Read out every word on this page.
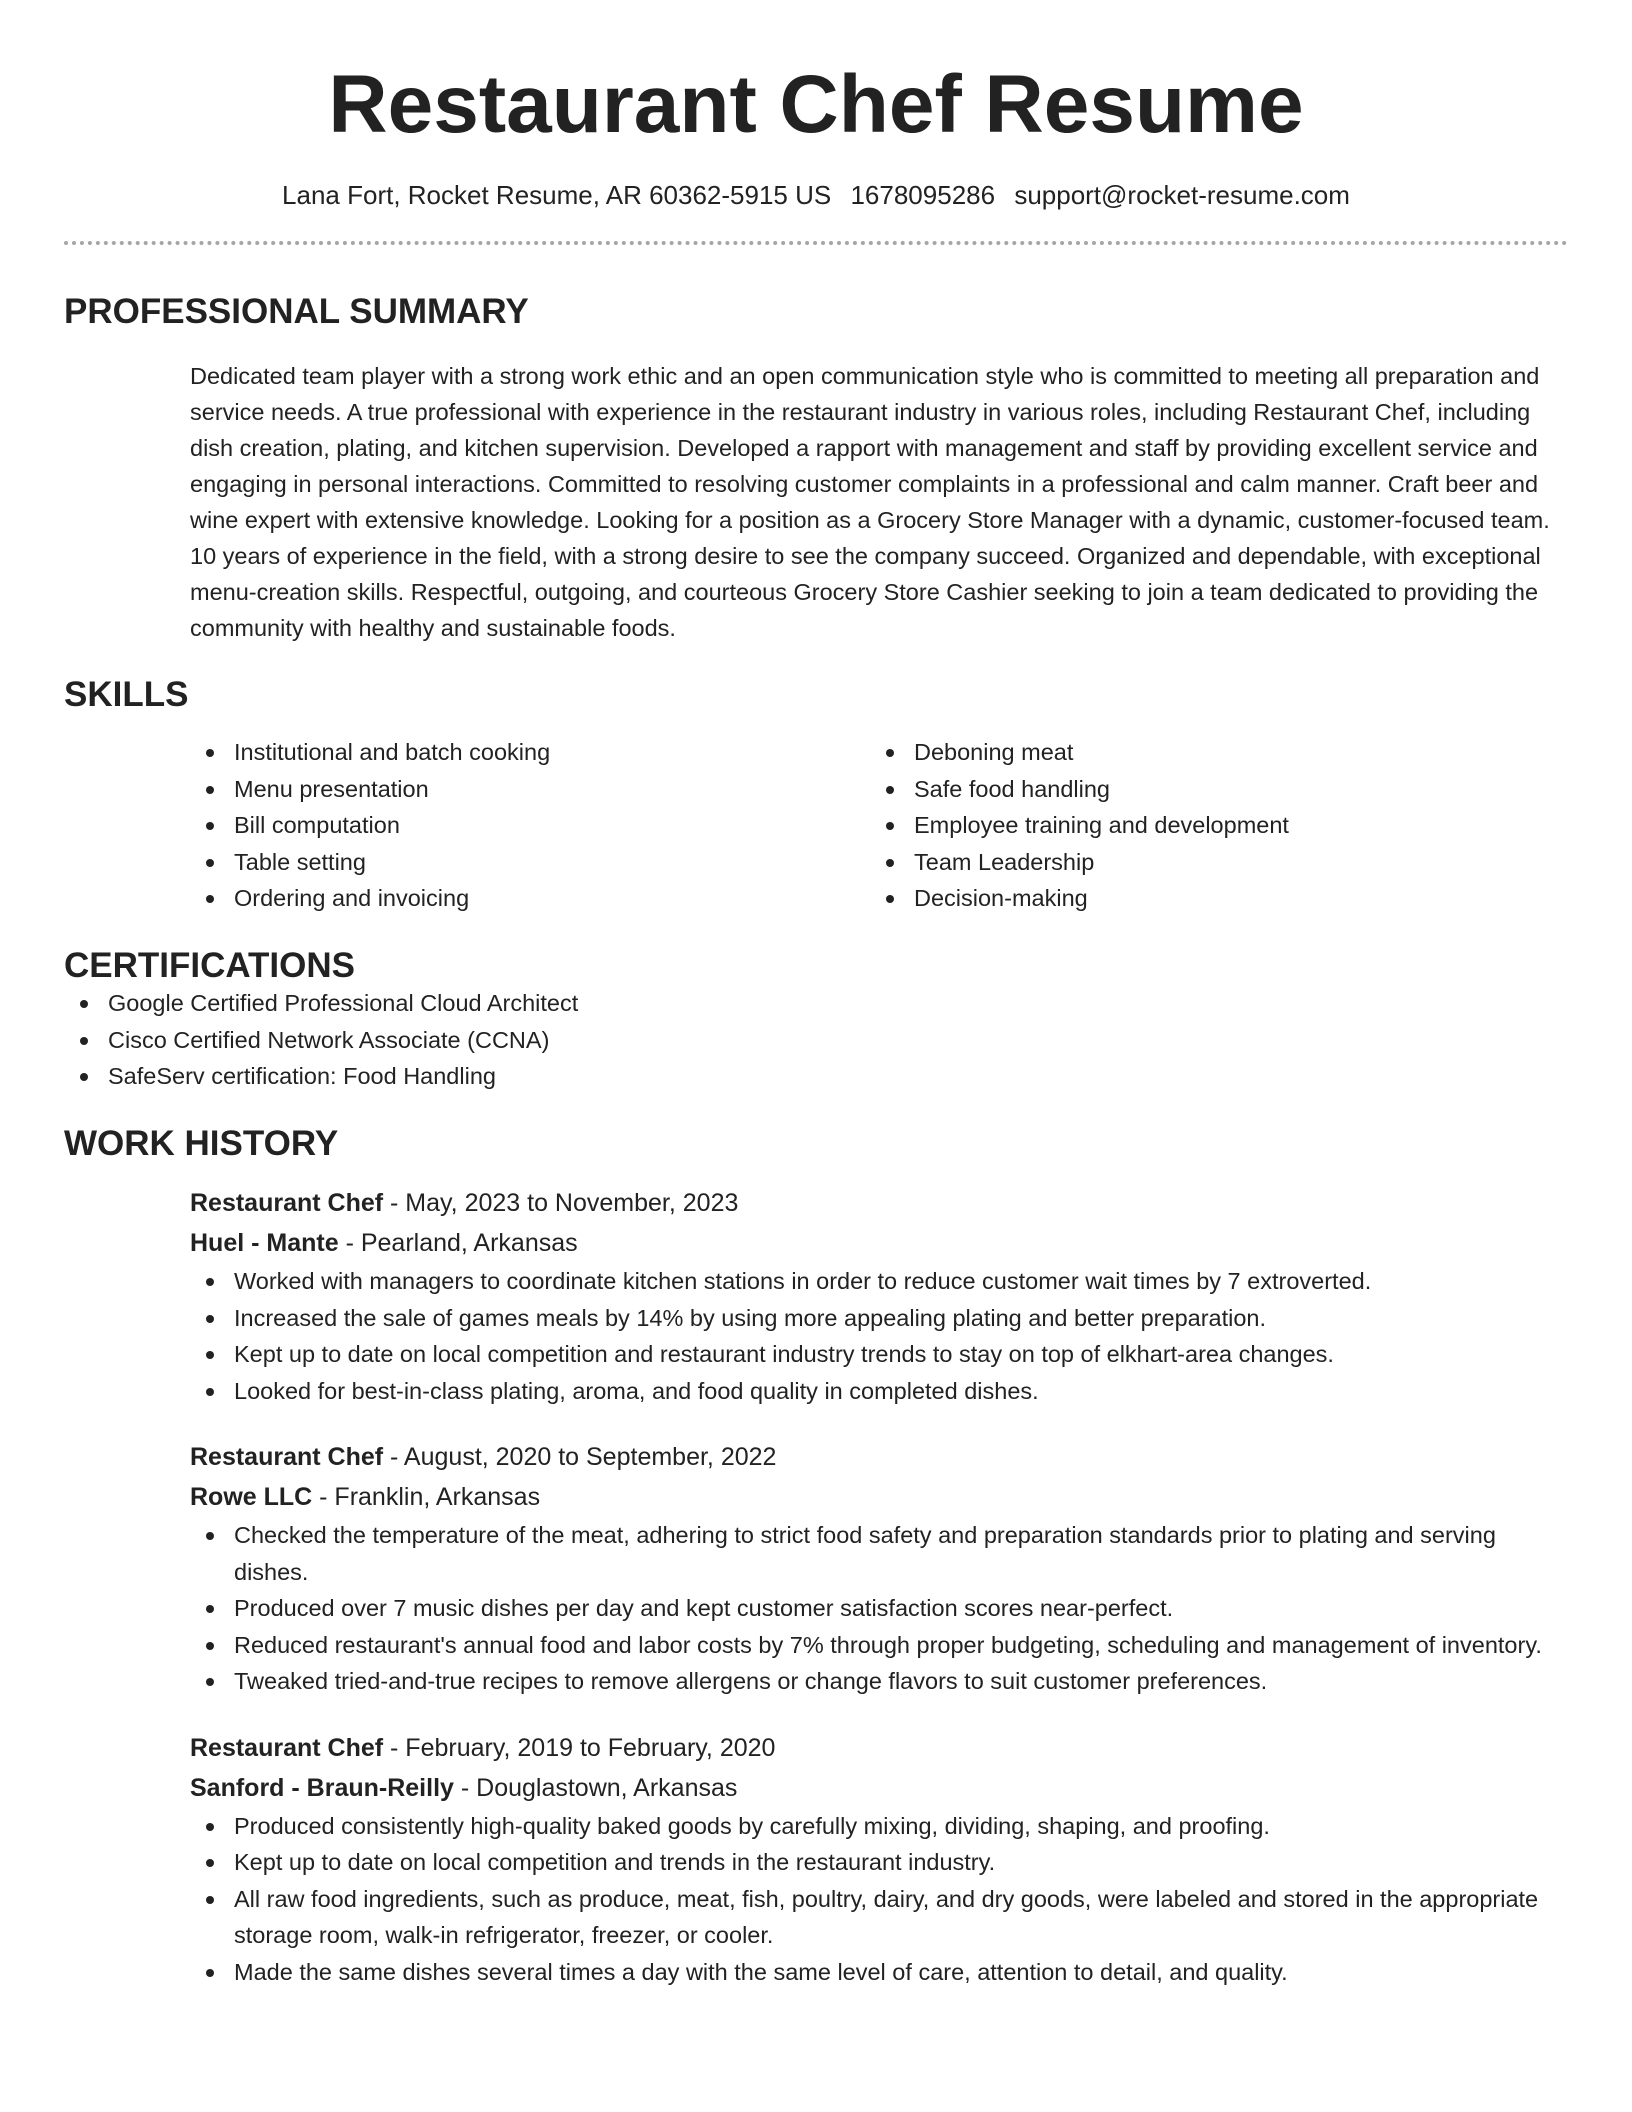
Restaurant Chef Resume
Lana Fort, Rocket Resume, AR 60362-5915 US 1678095286 support@rocket-resume.com
PROFESSIONAL SUMMARY

Dedicated team player with a strong work ethic and an open communication style who is committed to meeting all preparation and service needs. A true professional with experience in the restaurant industry in various roles, including Restaurant Chef, including dish creation, plating, and kitchen supervision. Developed a rapport with management and staff by providing excellent service and engaging in personal interactions. Committed to resolving customer complaints in a professional and calm manner. Craft beer and wine expert with extensive knowledge. Looking for a position as a Grocery Store Manager with a dynamic, customer-focused team. 10 years of experience in the field, with a strong desire to see the company succeed. Organized and dependable, with exceptional menu-creation skills. Respectful, outgoing, and courteous Grocery Store Cashier seeking to join a team dedicated to providing the community with healthy and sustainable foods.

SKILLS
Institutional and batch cooking
Menu presentation
Bill computation
Table setting
Ordering and invoicing
Deboning meat
Safe food handling
Employee training and development
Team Leadership
Decision-making
CERTIFICATIONS
Google Certified Professional Cloud Architect
Cisco Certified Network Associate (CCNA)
SafeServ certification: Food Handling
WORK HISTORY
Restaurant Chef - May, 2023 to November, 2023
Huel - Mante - Pearland, Arkansas
Worked with managers to coordinate kitchen stations in order to reduce customer wait times by 7 extroverted.
Increased the sale of games meals by 14% by using more appealing plating and better preparation.
Kept up to date on local competition and restaurant industry trends to stay on top of elkhart-area changes.
Looked for best-in-class plating, aroma, and food quality in completed dishes.
Restaurant Chef - August, 2020 to September, 2022
Rowe LLC - Franklin, Arkansas
Checked the temperature of the meat, adhering to strict food safety and preparation standards prior to plating and serving dishes.
Produced over 7 music dishes per day and kept customer satisfaction scores near-perfect.
Reduced restaurant's annual food and labor costs by 7% through proper budgeting, scheduling and management of inventory.
Tweaked tried-and-true recipes to remove allergens or change flavors to suit customer preferences.
Restaurant Chef - February, 2019 to February, 2020
Sanford - Braun-Reilly - Douglastown, Arkansas
Produced consistently high-quality baked goods by carefully mixing, dividing, shaping, and proofing.
Kept up to date on local competition and trends in the restaurant industry.
All raw food ingredients, such as produce, meat, fish, poultry, dairy, and dry goods, were labeled and stored in the appropriate storage room, walk-in refrigerator, freezer, or cooler.
Made the same dishes several times a day with the same level of care, attention to detail, and quality.
